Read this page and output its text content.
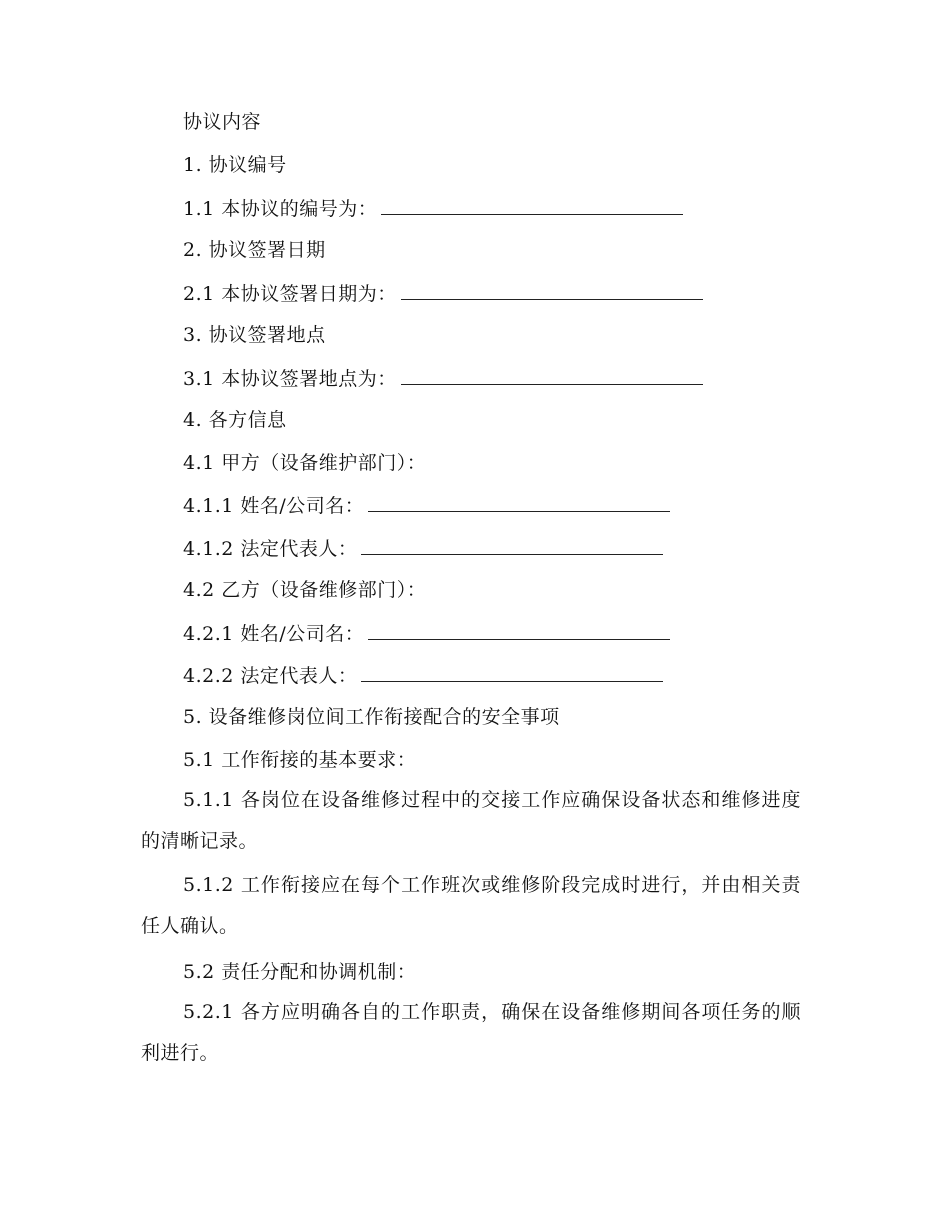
协议内容
1. 协议编号
1.1 本协议的编号为：
2. 协议签署日期
2.1 本协议签署日期为：
3. 协议签署地点
3.1 本协议签署地点为：
4. 各方信息
4.1 甲方（设备维护部门）：
4.1.1 姓名/公司名：
4.1.2 法定代表人：
4.2 乙方（设备维修部门）：
4.2.1 姓名/公司名：
4.2.2 法定代表人：
5. 设备维修岗位间工作衔接配合的安全事项
5.1 工作衔接的基本要求：
5.1.1 各岗位在设备维修过程中的交接工作应确保设备状态和维修进度的清晰记录。
5.1.2 工作衔接应在每个工作班次或维修阶段完成时进行，并由相关责任人确认。
5.2 责任分配和协调机制：
5.2.1 各方应明确各自的工作职责，确保在设备维修期间各项任务的顺利进行。
